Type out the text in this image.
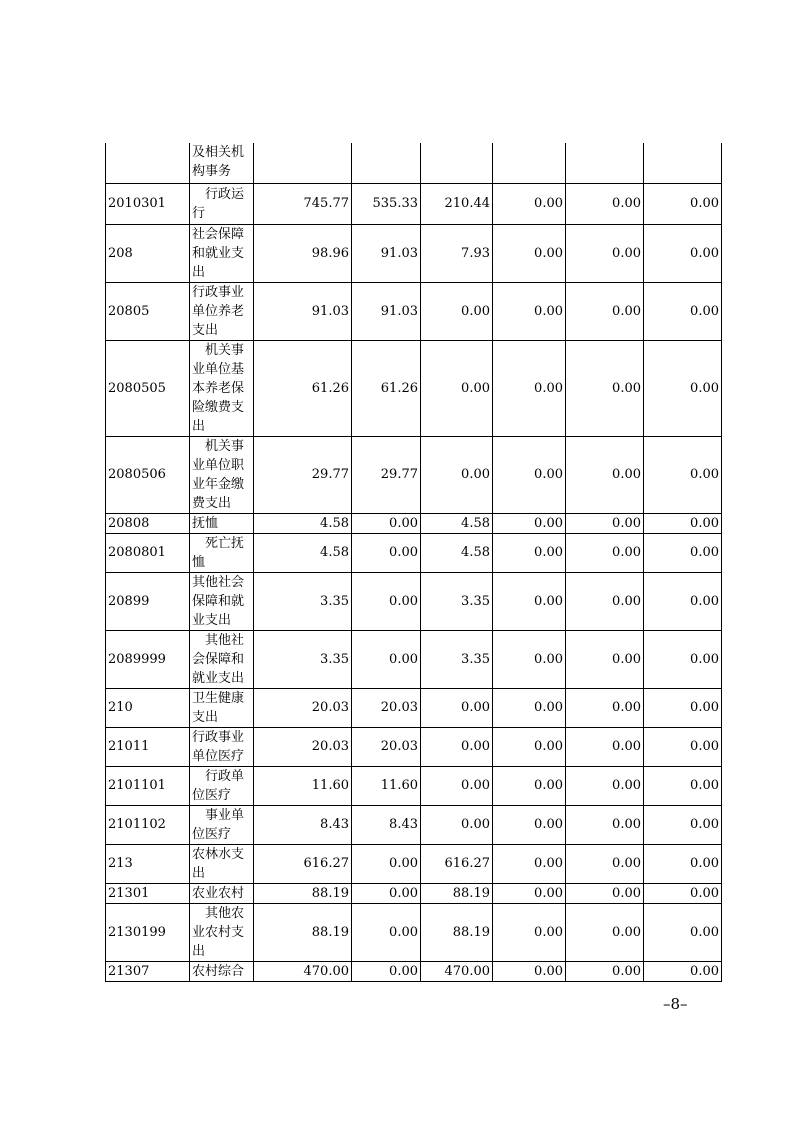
	及相关机构事务						
2010301	行政运行	745.77	535.33	210.44	0.00	0.00	0.00
208	社会保障和就业支出	98.96	91.03	7.93	0.00	0.00	0.00
20805	行政事业单位养老支出	91.03	91.03	0.00	0.00	0.00	0.00
2080505	机关事业单位基本养老保险缴费支出	61.26	61.26	0.00	0.00	0.00	0.00
2080506	机关事业单位职业年金缴费支出	29.77	29.77	0.00	0.00	0.00	0.00
20808	抚恤	4.58	0.00	4.58	0.00	0.00	0.00
2080801	死亡抚恤	4.58	0.00	4.58	0.00	0.00	0.00
20899	其他社会保障和就业支出	3.35	0.00	3.35	0.00	0.00	0.00
2089999	其他社会保障和就业支出	3.35	0.00	3.35	0.00	0.00	0.00
210	卫生健康支出	20.03	20.03	0.00	0.00	0.00	0.00
21011	行政事业单位医疗	20.03	20.03	0.00	0.00	0.00	0.00
2101101	行政单位医疗	11.60	11.60	0.00	0.00	0.00	0.00
2101102	事业单位医疗	8.43	8.43	0.00	0.00	0.00	0.00
213	农林水支出	616.27	0.00	616.27	0.00	0.00	0.00
21301	农业农村	88.19	0.00	88.19	0.00	0.00	0.00
2130199	其他农业农村支出	88.19	0.00	88.19	0.00	0.00	0.00
21307	农村综合	470.00	0.00	470.00	0.00	0.00	0.00
–8–
